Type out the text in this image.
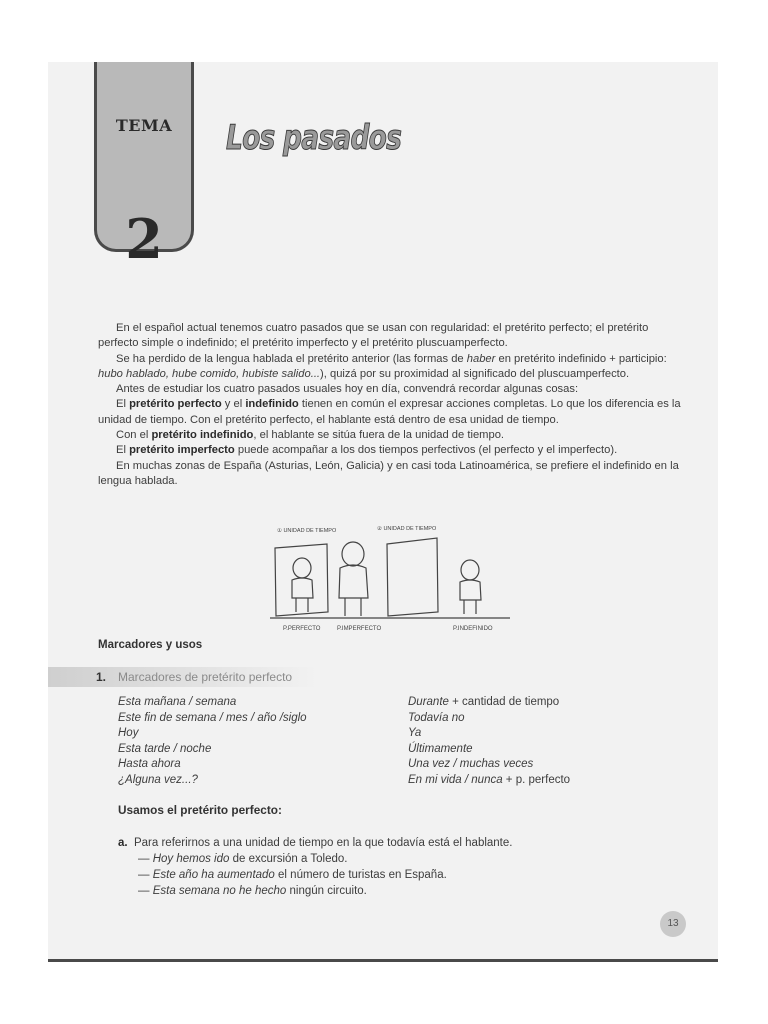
TEMA
2
Los pasados

En el español actual tenemos cuatro pasados que se usan con regularidad: el pretérito perfecto; el pretérito perfecto simple o indefinido; el pretérito imperfecto y el pretérito pluscuamperfecto.

Se ha perdido de la lengua hablada el pretérito anterior (las formas de haber en pretérito indefinido + participio: hubo hablado, hube comido, hubiste salido...), quizá por su proximidad al significado del pluscuamperfecto.

Antes de estudiar los cuatro pasados usuales hoy en día, convendrá recordar algunas cosas:

El pretérito perfecto y el indefinido tienen en común el expresar acciones completas. Lo que los diferencia es la unidad de tiempo. Con el pretérito perfecto, el hablante está dentro de esa unidad de tiempo.

Con el pretérito indefinido, el hablante se sitúa fuera de la unidad de tiempo.

El pretérito imperfecto puede acompañar a los dos tiempos perfectivos (el perfecto y el imperfecto).

En muchas zonas de España (Asturias, León, Galicia) y en casi toda Latinoamérica, se prefiere el indefinido en la lengua hablada.

① UNIDAD DE TIEMPO	② UNIDAD DE TIEMPO
P.PERFECTO	P.IMPERFECTO	P.INDEFINIDO
Marcadores y usos
1. Marcadores de pretérito perfecto
Esta mañana / semana
Este fin de semana / mes / año /siglo
Hoy
Esta tarde / noche
Hasta ahora
¿Alguna vez...?
Durante + cantidad de tiempo
Todavía no
Ya
Últimamente
Una vez / muchas veces
En mi vida / nunca + p. perfecto
Usamos el pretérito perfecto:
a. Para referirnos a una unidad de tiempo en la que todavía está el hablante.
— Hoy hemos ido de excursión a Toledo.
— Este año ha aumentado el número de turistas en España.
— Esta semana no he hecho ningún circuito.
13
